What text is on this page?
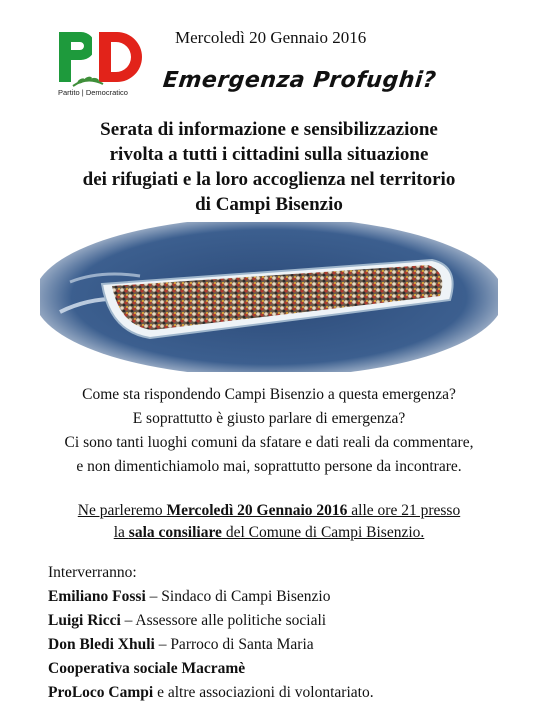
Partito | Democratico
Mercoledì 20 Gennaio 2016
Emergenza Profughi?
Serata di informazione e sensibilizzazione
rivolta a tutti i cittadini sulla situazione
dei rifugiati e la loro accoglienza nel territorio
di Campi Bisenzio
Come sta rispondendo Campi Bisenzio a questa emergenza?
E soprattutto è giusto parlare di emergenza?
Ci sono tanti luoghi comuni da sfatare e dati reali da commentare,
e non dimentichiamolo mai, soprattutto persone da incontrare.
Ne parleremo Mercoledì 20 Gennaio 2016 alle ore 21 presso
la sala consiliare del Comune di Campi Bisenzio.
Interverranno:
Emiliano Fossi – Sindaco di Campi Bisenzio
Luigi Ricci – Assessore alle politiche sociali
Don Bledi Xhuli – Parroco di Santa Maria
Cooperativa sociale Macramè
ProLoco Campi e altre associazioni di volontariato.
